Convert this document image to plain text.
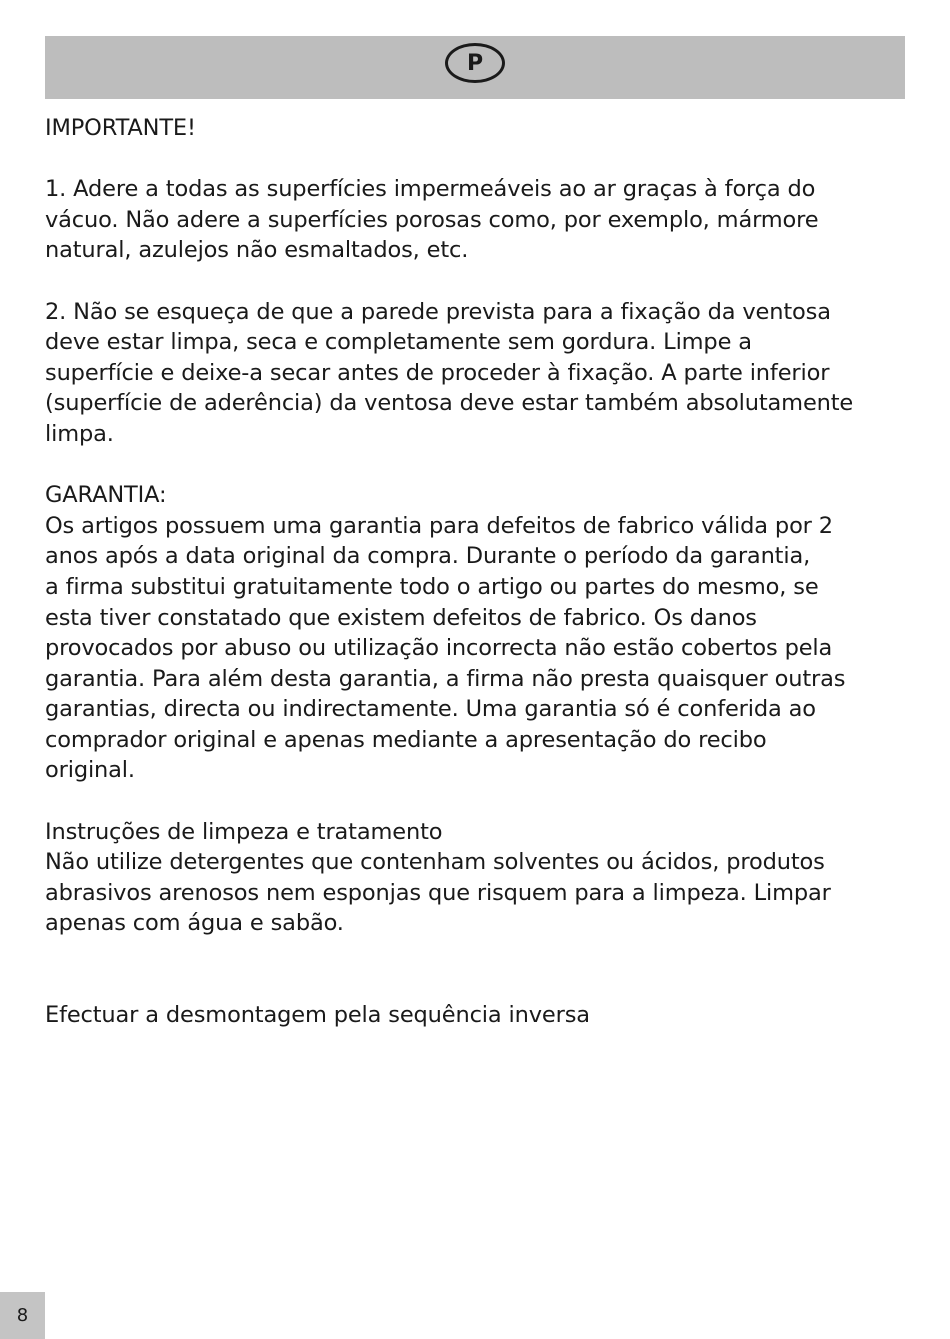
P

IMPORTANTE!

1. Adere a todas as superfícies impermeáveis ao ar graças à força do
vácuo. Não adere a superfícies porosas como, por exemplo, mármore
natural, azulejos não esmaltados, etc.

2. Não se esqueça de que a parede prevista para a fixação da ventosa
deve estar limpa, seca e completamente sem gordura. Limpe a
superfície e deixe-a secar antes de proceder à fixação. A parte inferior
(superfície de aderência) da ventosa deve estar também absolutamente
limpa.

GARANTIA:

Os artigos possuem uma garantia para defeitos de fabrico válida por 2
anos após a data original da compra. Durante o período da garantia,
a firma substitui gratuitamente todo o artigo ou partes do mesmo, se
esta tiver constatado que existem defeitos de fabrico. Os danos
provocados por abuso ou utilização incorrecta não estão cobertos pela
garantia. Para além desta garantia, a firma não presta quaisquer outras
garantias, directa ou indirectamente. Uma garantia só é conferida ao
comprador original e apenas mediante a apresentação do recibo
original.

Instruções de limpeza e tratamento

Não utilize detergentes que contenham solventes ou ácidos, produtos
abrasivos arenosos nem esponjas que risquem para a limpeza. Limpar
apenas com água e sabão.

Efectuar a desmontagem pela sequência inversa

8
